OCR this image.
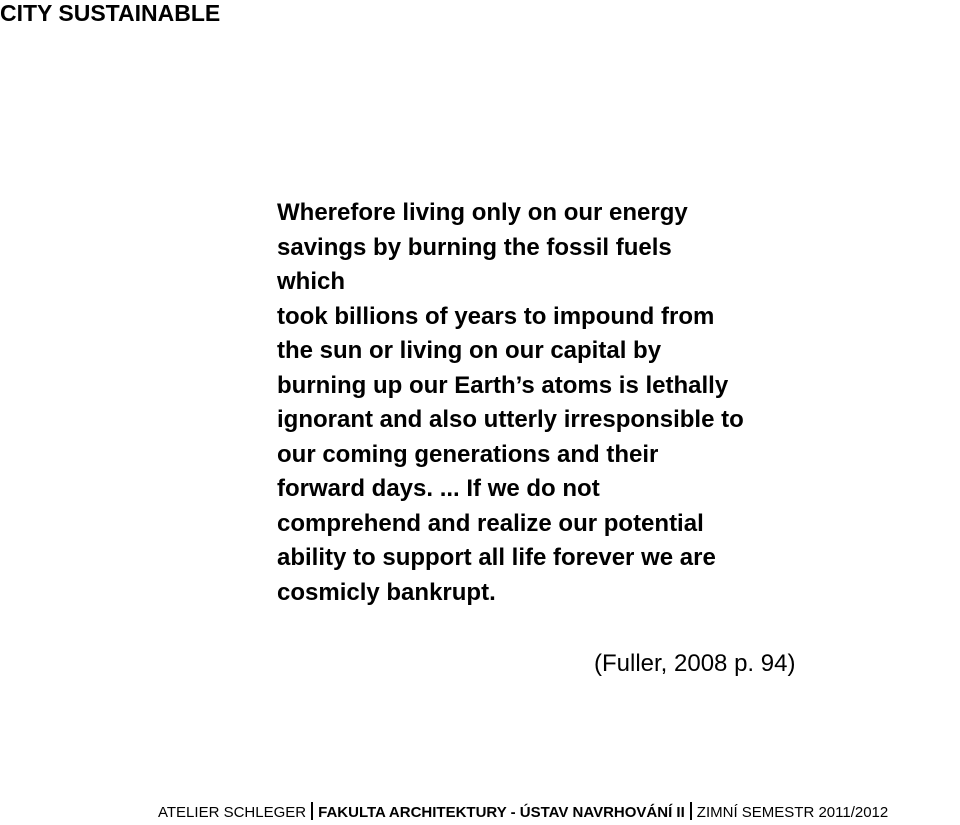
CITY SUSTAINABLE
Wherefore living only on our energy
savings by burning the fossil fuels
which
took billions of years to impound from
the sun or living on our capital by
burning up our Earth’s atoms is lethally
ignorant and also utterly irresponsible to
our coming generations and their
forward days. ... If we do not
comprehend and realize our potential
ability to support all life forever we are
cosmicly bankrupt.
(Fuller, 2008 p. 94)
ATELIER SCHLEGER FAKULTA ARCHITEKTURY - ÚSTAV NAVRHOVÁNÍ II ZIMNÍ SEMESTR 2011/2012
